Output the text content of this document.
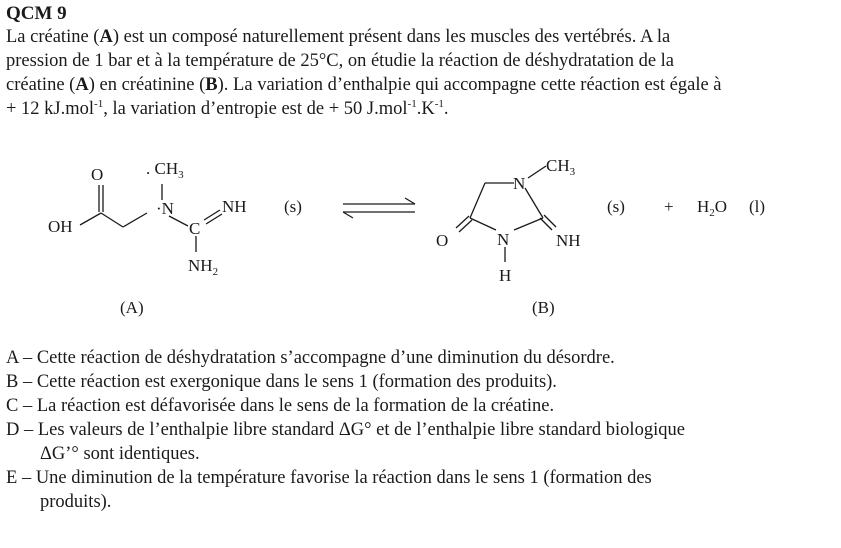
QCM 9
La créatine (A) est un composé naturellement présent dans les muscles des vertébrés. A la
pression de 1 bar et à la température de 25°C, on étudie la réaction de déshydratation de la
créatine (A) en créatinine (B). La variation d’enthalpie qui accompagne cette réaction est égale à
+ 12 kJ.mol$^{-1}$, la variation d’entropie est de + 50 $J.mol^{-1}.K^{-1}$.
O
OH
. $CH_3$
·N
C
NH
$NH_2$
(s)
(A)
N
$CH_3$
O	N
H
NH
(s)
(B)
+ $H_2O$ (l)
A – Cette réaction de déshydratation s’accompagne d’une diminution du désordre.
B – Cette réaction est exergonique dans le sens 1 (formation des produits).
C – La réaction est défavorisée dans le sens de la formation de la créatine.
D – Les valeurs de l’enthalpie libre standard ΔG° et de l’enthalpie libre standard biologique
ΔG’° sont identiques.
E – Une diminution de la température favorise la réaction dans le sens 1 (formation des
produits).
